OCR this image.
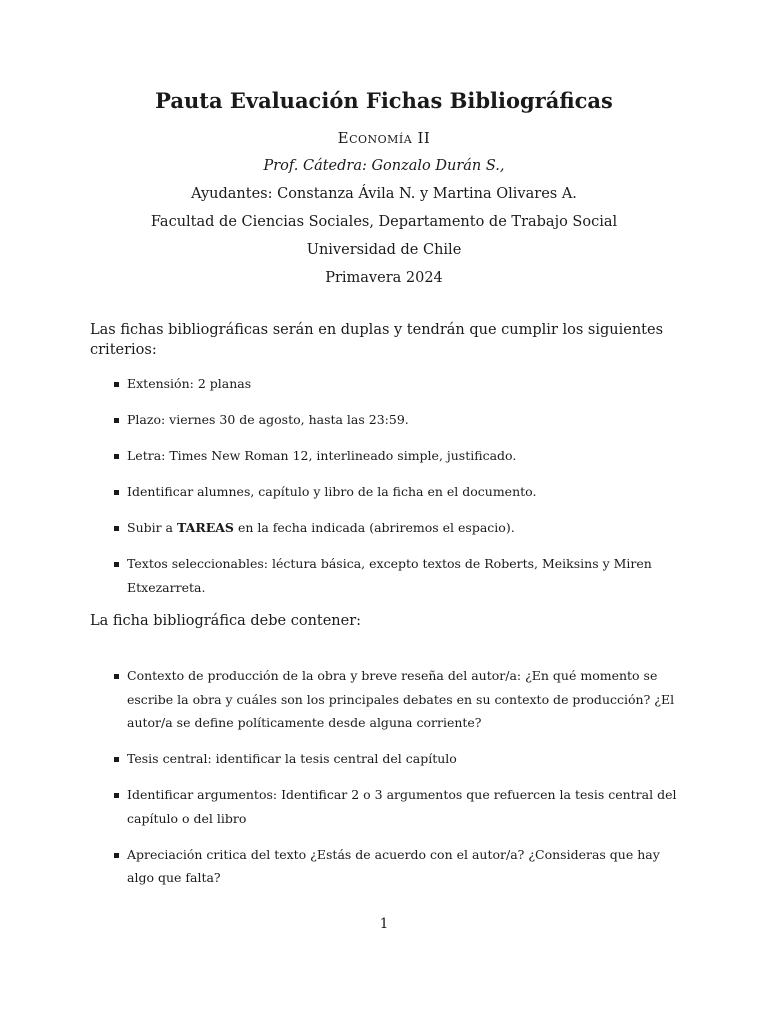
Pauta Evaluación Fichas Bibliográficas
Economía II
Prof. Cátedra: Gonzalo Durán S.,
Ayudantes: Constanza Ávila N. y Martina Olivares A.
Facultad de Ciencias Sociales, Departamento de Trabajo Social
Universidad de Chile
Primavera 2024

Las fichas bibliográficas serán en duplas y tendrán que cumplir los siguientes criterios:

Extensión: 2 planas
Plazo: viernes 30 de agosto, hasta las 23:59.
Letra: Times New Roman 12, interlineado simple, justificado.
Identificar alumnes, capítulo y libro de la ficha en el documento.
Subir a TAREAS en la fecha indicada (abriremos el espacio).
Textos seleccionables: léctura básica, excepto textos de Roberts, Meiksins y Miren Etxezarreta.

La ficha bibliográfica debe contener:

Contexto de producción de la obra y breve reseña del autor/a: ¿En qué momento se escribe la obra y cuáles son los principales debates en su contexto de producción? ¿El autor/a se define políticamente desde alguna corriente?
Tesis central: identificar la tesis central del capítulo
Identificar argumentos: Identificar 2 o 3 argumentos que refuercen la tesis central del capítulo o del libro
Apreciación critica del texto ¿Estás de acuerdo con el autor/a? ¿Consideras que hay algo que falta?
1
